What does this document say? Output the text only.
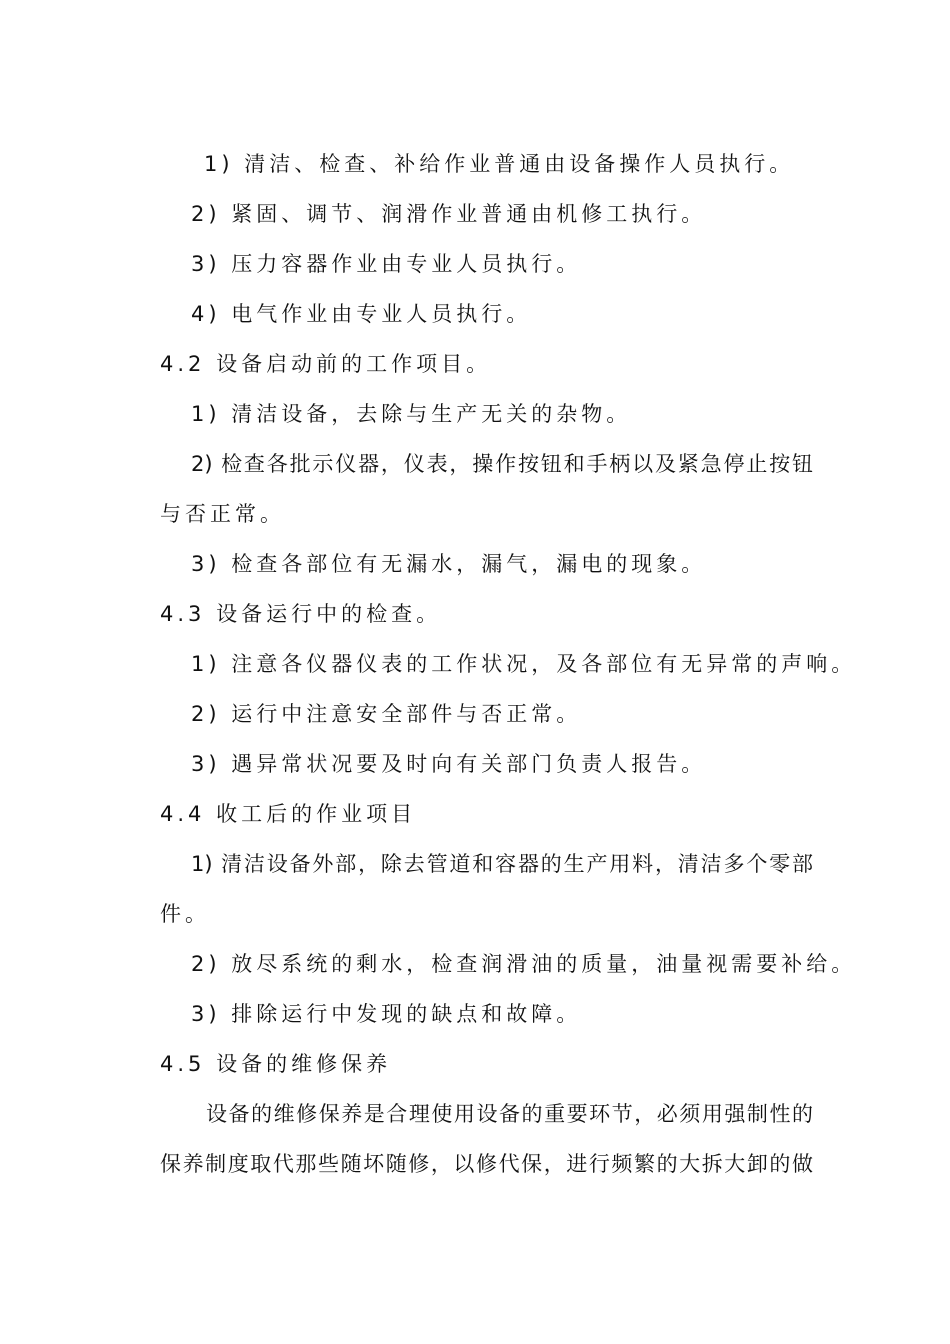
1) 清洁、检查、补给作业普通由设备操作人员执行。
2) 紧固、调节、润滑作业普通由机修工执行。
3) 压力容器作业由专业人员执行。
4) 电气作业由专业人员执行。
4.2 设备启动前的工作项目。
1) 清洁设备，去除与生产无关的杂物。
2) 检查各批示仪器，仪表，操作按钮和手柄以及紧急停止按钮
与否正常。
3) 检查各部位有无漏水，漏气，漏电的现象。
4.3 设备运行中的检查。
1) 注意各仪器仪表的工作状况，及各部位有无异常的声响。
2) 运行中注意安全部件与否正常。
3) 遇异常状况要及时向有关部门负责人报告。
4.4 收工后的作业项目
1) 清洁设备外部，除去管道和容器的生产用料，清洁多个零部
件。
2) 放尽系统的剩水，检查润滑油的质量，油量视需要补给。
3) 排除运行中发现的缺点和故障。
4.5 设备的维修保养
设备的维修保养是合理使用设备的重要环节，必须用强制性的
保养制度取代那些随坏随修，以修代保，进行频繁的大拆大卸的做
